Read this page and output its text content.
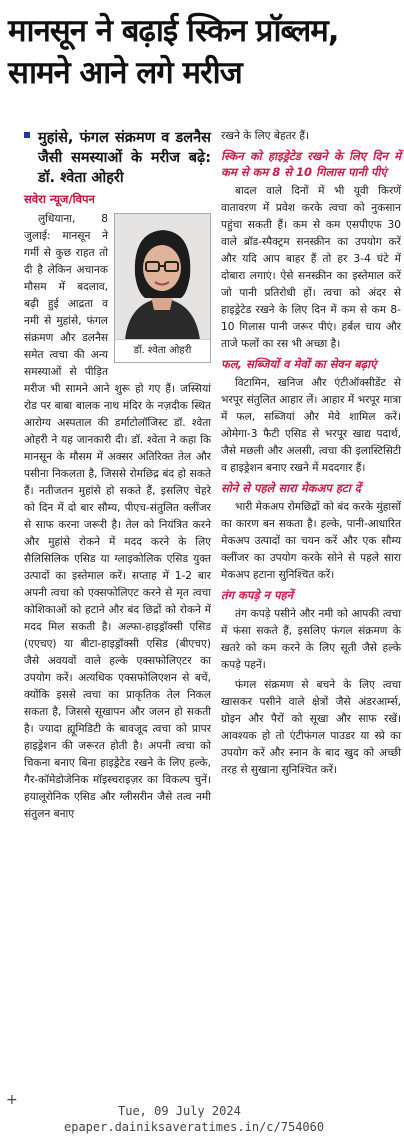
मानसून ने बढ़ाई स्किन प्रॉब्लम,
सामने आने लगे मरीज

मुहांसे, फंगल संक्रमण व डलनैस जैसी समस्याओं के मरीज बढ़े: डॉ. श्वेता ओहरी

सवेरा न्यूज/विपन

डॉ. श्वेता ओहरी

लुधियाना, 8 जुलाई: मानसून ने गर्मी से कुछ राहत तो दी है लेकिन अचानक मौसम में बदलाव, बढ़ी हुई आद्रता व नमी से मुहांसे, फंगल संक्रमण और डलनैस समेत त्वचा की अन्य समस्याओं से पीड़ित मरीज भी सामने आने शुरू हो गए हैं। जस्सियां रोड पर बाबा बालक नाथ मंदिर के नज़दीक स्थित आरोग्य अस्पताल की डर्माटोलॉजिस्ट डॉ. श्वेता ओहरी ने यह जानकारी दी। डॉ. श्वेता ने कहा कि मानसून के मौसम में अक्सर अतिरिक्त तेल और पसीना निकलता है, जिससे रोमछिद्र बंद हो सकते हैं। नतीजतन मुहांसे हो सकते हैं, इसलिए चेहरे को दिन में दो बार सौम्य, पीएच-संतुलित क्लींजर से साफ करना जरूरी है। तेल को नियंत्रित करने और मुहांसे रोकने में मदद करने के लिए सैलिसिलिक एसिड या ग्लाइकोलिक एसिड युक्त उत्पादों का इस्तेमाल करें। सप्ताह में 1-2 बार अपनी त्वचा को एक्सफोलिएट करने से मृत त्वचा कोशिकाओं को हटाने और बंद छिद्रों को रोकने में मदद मिल सकती है। अल्फा-हाइड्रॉक्सी एसिड (एएचए) या बीटा-हाइड्रॉक्सी एसिड (बीएचए) जैसे अवयवों वाले हल्के एक्सफोलिएटर का उपयोग करें। अत्यधिक एक्सफोलिएशन से बचें, क्योंकि इससे त्वचा का प्राकृतिक तेल निकल सकता है, जिससे सूखापन और जलन हो सकती है। ज्यादा ह्यूमिडिटी के बावजूद त्वचा को प्रापर हाइड्रेशन की जरूरत होती है। अपनी त्वचा को चिकना बनाए बिना हाइड्रेटेड रखने के लिए हल्के, गैर-कॉमेडोजेनिक मॉइस्चराइज़र का विकल्प चुनें। हयालूरोनिक एसिड और ग्लीसरीन जैसे तत्व नमी संतुलन बनाए

रखने के लिए बेहतर हैं।

स्किन को हाइड्रेटेड रखने के लिए दिन में कम से कम 8 से 10 गिलास पानी पीएं

बादल वाले दिनों में भी यूवी किरणें वातावरण में प्रवेश करके त्वचा को नुकसान पहुंचा सकती हैं। कम से कम एसपीएफ 30 वाले ब्रॉड-स्पैक्ट्रम सनस्क्रीन का उपयोग करें और यदि आप बाहर हैं तो हर 3-4 घंटे में दोबारा लगाएं। ऐसे सनस्क्रीन का इस्तेमाल करें जो पानी प्रतिरोधी हों। त्वचा को अंदर से हाइड्रेटेड रखने के लिए दिन में कम से कम 8-10 गिलास पानी जरूर पीएं। हर्बल चाय और ताजे फलों का रस भी अच्छा है।

फल, सब्जियों व मेवों का सेवन बढ़ाएं

विटामिन, खनिज और एंटीऑक्सीडेंट से भरपूर संतुलित आहार लें। आहार में भरपूर मात्रा में फल, सब्जियां और मेवे शामिल करें। ओमेगा-3 फैटी एसिड से भरपूर खाद्य पदार्थ, जैसे मछली और अलसी, त्वचा की इलास्टिसिटी व हाइड्रेशन बनाए रखने में मददगार हैं।

सोने से पहले सारा मेकअप हटा दें

भारी मेकअप रोमछिद्रों को बंद करके मुंहासों का कारण बन सकता है। हल्के, पानी-आधारित मेकअप उत्पादों का चयन करें और एक सौम्य क्लींजर का उपयोग करके सोने से पहले सारा मेकअप हटाना सुनिश्चित करें।

तंग कपड़े न पहनें

तंग कपड़े पसीने और नमी को आपकी त्वचा में फंसा सकते हैं, इसलिए फंगल संक्रमण के खतरे को कम करने के लिए सूती जैसे हल्के कपड़े पहनें।

फंगल संक्रमण से बचने के लिए त्वचा खासकर पसीने वाले क्षेत्रों जैसे अंडरआर्म्स, ग्रोइन और पैरों को सूखा और साफ रखें। आवश्यक हो तो एंटीफंगल पाउडर या स्प्रे का उपयोग करें और स्नान के बाद खुद को अच्छी तरह से सुखाना सुनिश्चित करें।

+
Tue, 09 July 2024
epaper.dainiksaveratimes.in/c/754060
